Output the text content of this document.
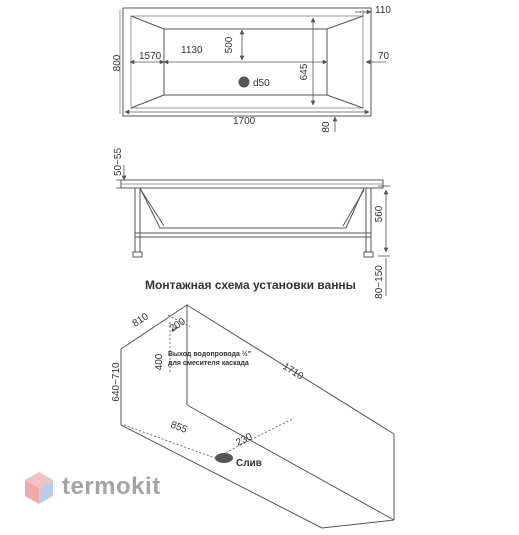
110
800 1570
1130 500
70
645
d50
1700	80
50~55
560
80~150
Монтажная схема установки ванны
810 200
400
640~710	1710
855
230
Выход водопровода ½"
для смесителя каскада
Слив
termokit
